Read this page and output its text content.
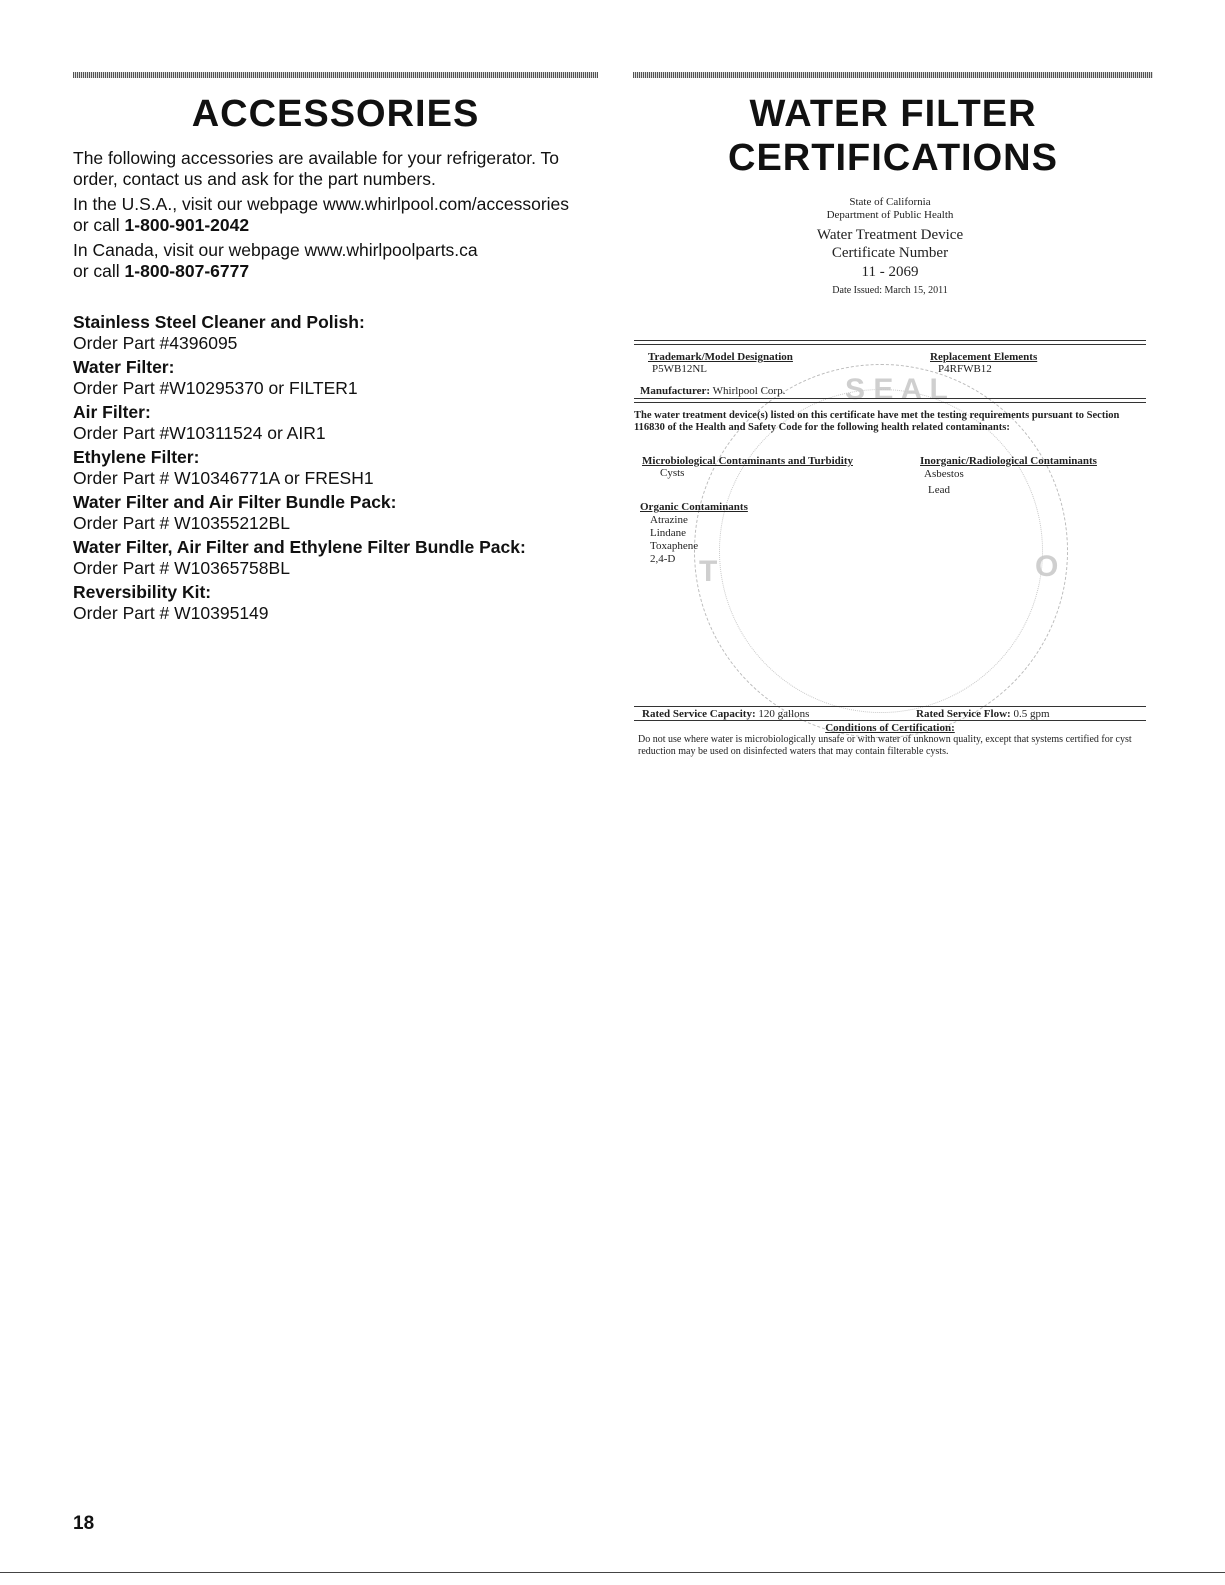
ACCESSORIES

The following accessories are available for your refrigerator. To order, contact us and ask for the part numbers.

In the U.S.A., visit our webpage www.whirlpool.com/accessories

or call 1-800-901-2042

In Canada, visit our webpage www.whirlpoolparts.ca

or call 1-800-807-6777

Stainless Steel Cleaner and Polish:
Order Part #4396095
Water Filter:
Order Part #W10295370 or FILTER1
Air Filter:
Order Part #W10311524 or AIR1
Ethylene Filter:
Order Part # W10346771A or FRESH1
Water Filter and Air Filter Bundle Pack:
Order Part # W10355212BL
Water Filter, Air Filter and Ethylene Filter Bundle Pack:
Order Part # W10365758BL
Reversibility Kit:
Order Part # W10395149
WATER FILTER
CERTIFICATIONS
S E A L
T	O
State of California
Department of Public Health
Water Treatment Device
Certificate Number
11 - 2069
Date Issued: March 15, 2011
Trademark/Model Designation
P5WB12NL
Replacement Elements
P4RFWB12
Manufacturer: Whirlpool Corp.
The water treatment device(s) listed on this certificate have met the testing requirements pursuant to Section 116830 of the Health and Safety Code for the following health related contaminants:
Microbiological Contaminants and Turbidity
Cysts
Inorganic/Radiological Contaminants
Asbestos
Lead
Organic Contaminants
Atrazine
Lindane
Toxaphene
2,4-D
Rated Service Capacity: 120 gallons	Rated Service Flow: 0.5 gpm
Conditions of Certification:
Do not use where water is microbiologically unsafe or with water of unknown quality, except that systems certified for cyst reduction may be used on disinfected waters that may contain filterable cysts.
18
